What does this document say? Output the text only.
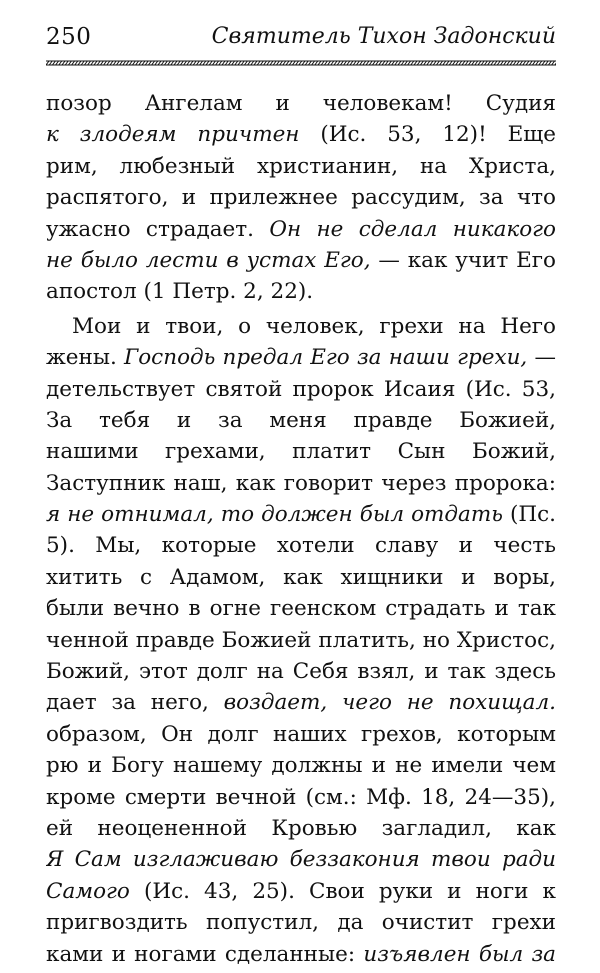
250	Святитель Тихон Задонский
позор Ангелам и человекам! Судия
к злодеям причтен (Ис. 53, 12)! Еще
рим, любезный христианин, на Христа,
распятого, и прилежнее рассудим, за что
ужасно страдает. Он не сделал никакого
не было лести в устах Его, — как учит Его
апостол (1 Петр. 2, 22).
Мои и твои, о человек, грехи на Него
жены. Господь предал Его за наши грехи, —
детельствует святой пророк Исаия (Ис. 53,
За тебя и за меня правде Божией,
нашими грехами, платит Сын Божий,
Заступник наш, как говорит через пророка:
я не отнимал, то должен был отдать (Пс.
5). Мы, которые хотели славу и честь
хитить с Адамом, как хищники и воры,
были вечно в огне геенском страдать и так
ченной правде Божией платить, но Христос,
Божий, этот долг на Себя взял, и так здесь
дает за него, воздает, чего не похищал.
образом, Он долг наших грехов, которым
рю и Богу нашему должны и не имели чем
кроме смерти вечной (см.: Мф. 18, 24—35),
ей неоцененной Кровью загладил, как
Я Сам изглаживаю беззакония твои ради
Самого (Ис. 43, 25). Свои руки и ноги к
пригвоздить попустил, да очистит грехи
ками и ногами сделанные: изъявлен был за
